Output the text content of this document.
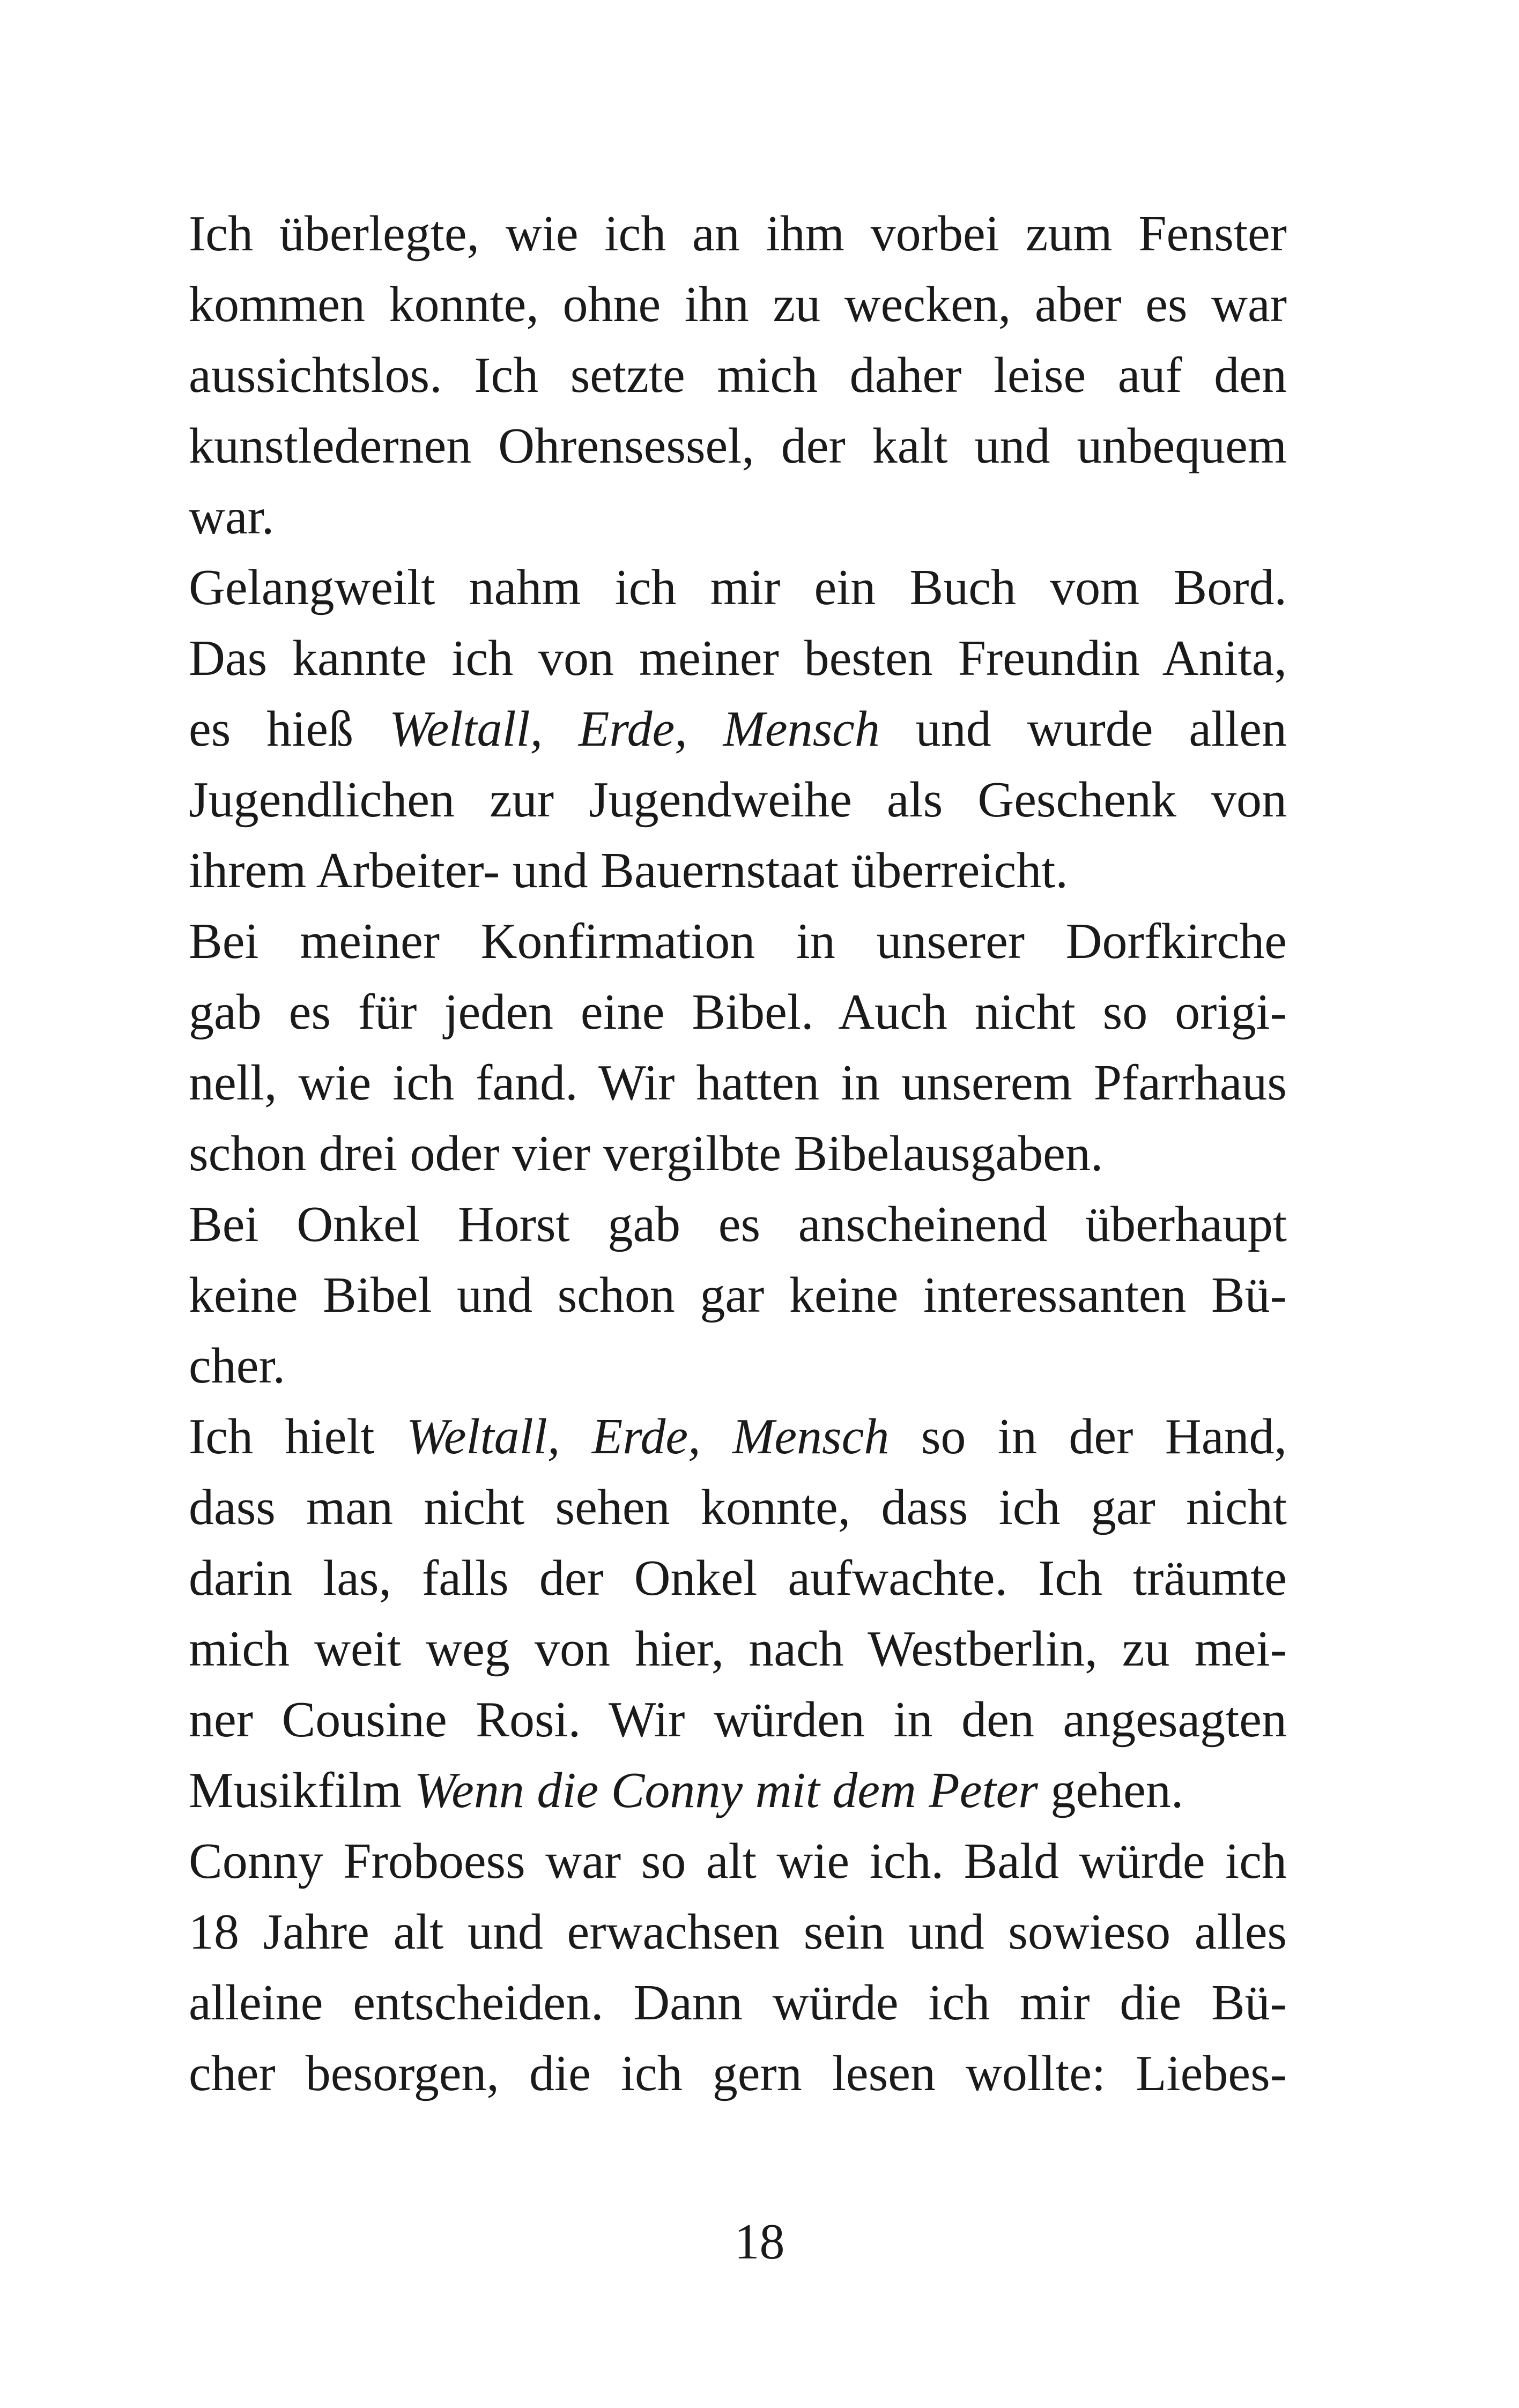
Ich überlegte, wie ich an ihm vorbei zum Fenster
kommen konnte, ohne ihn zu wecken, aber es war
aussichtslos. Ich setzte mich daher leise auf den
kunstledernen Ohrensessel, der kalt und unbequem
war.
Gelangweilt nahm ich mir ein Buch vom Bord.
Das kannte ich von meiner besten Freundin Anita,
es hieß Weltall, Erde, Mensch und wurde allen
Jugendlichen zur Jugendweihe als Geschenk von
ihrem Arbeiter- und Bauernstaat überreicht.
Bei meiner Konfirmation in unserer Dorfkirche
gab es für jeden eine Bibel. Auch nicht so origi-
nell, wie ich fand. Wir hatten in unserem Pfarrhaus
schon drei oder vier vergilbte Bibelausgaben.
Bei Onkel Horst gab es anscheinend überhaupt
keine Bibel und schon gar keine interessanten Bü-
cher.
Ich hielt Weltall, Erde, Mensch so in der Hand,
dass man nicht sehen konnte, dass ich gar nicht
darin las, falls der Onkel aufwachte. Ich träumte
mich weit weg von hier, nach Westberlin, zu mei-
ner Cousine Rosi. Wir würden in den angesagten
Musikfilm Wenn die Conny mit dem Peter gehen.
Conny Froboess war so alt wie ich. Bald würde ich
18 Jahre alt und erwachsen sein und sowieso alles
alleine entscheiden. Dann würde ich mir die Bü-
cher besorgen, die ich gern lesen wollte: Liebes-
18
